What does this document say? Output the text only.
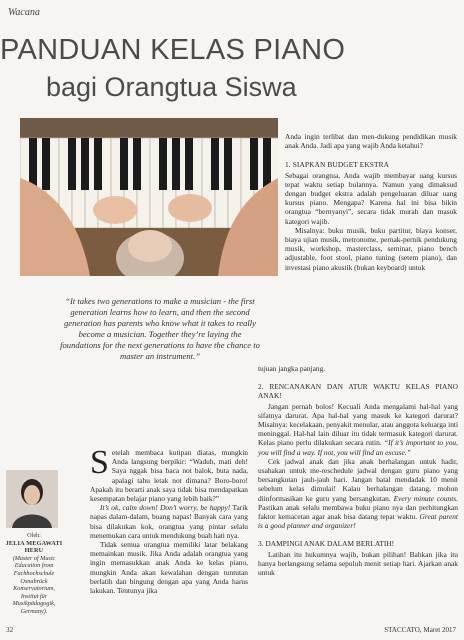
Wacana
PANDUAN KELAS PIANO
bagi Orangtua Siswa

Anda ingin terlibat dan men-dukung pendidikan musik anak Anda. Jadi apa yang wajib Anda ketahui?

1. SIAPKAN BUDGET EKSTRA

Sebagai orangtua, Anda wajib membayar uang kursus tepat waktu setiap bulannya. Namun yang dimaksud dengan budget ekstra adalah pengeluaran diluar uang kursus piano. Mengapa? Karena hal ini bisa bikin orangtua “bernyanyi”, secara tidak murah dan masuk kategori wajib.

Misalnya: buku musik, buku partitur, biaya konser, biaya ujian musik, metronome, pernak-pernik pendukung musik, workshop, masterclass, seminar, piano bench adjustable, foot stool, piano tuning (setem piano), dan investasi piano akustik (bukan keyboard) untuk

tujuan jangka panjang.

2. RENCANAKAN DAN ATUR WAKTU KELAS PIANO ANAK!

Jangan pernah bolos! Kecuali Anda mengalami hal-hal yang sifatnya darurat. Apa hal-hal yang masuk ke kategori darurat? Misalnya: kecelakaan, penyakit menular, atau anggota keluarga inti meninggal. Hal-hal lain diluar itu tidak termasuk kategori darurat. Kelas piano perlu dilakukan secara rutin. “If it’s important to you, you will find a way. If not, you will find an excuse.”

Cek jadwal anak dan jika anak berhalangan untuk hadir, usahakan untuk me-reschedule jadwal dengan guru piano yang bersangkutan jauh-jauh hari. Jangan batal mendadak 10 menit sebelum kelas dimulai! Kalau berhalangan datang, mohon diinformasikan ke guru yang bersangkutan. Every minute counts. Pastikan anak selalu membawa buku piano nya dan perhitungkan faktor kemacetan agar anak bisa datang tepat waktu. Great parent is a good planner and organizer!

3. DAMPINGI ANAK DALAM BERLATIH!

Latihan itu hukumnya wajib, bukan pilihan! Bahkan jika itu hanya berlangsung selama sepuluh menit setiap hari. Ajarkan anak untuk

“It takes two generations to make a musician - the first generation learns how to learn, and then the second generation has parents who know what it takes to really become a musician. Together they’re laying the foundations for the next generations to have the chance to master an instrument.”
Oleh:
JELIA MEGAWATI HERU
(Master of Music Education from Fachhochschule Osnabrück Konservatorium, Institut für Musikpädagogik, Germany).

Setelah membaca kutipan diatas, mungkin Anda langsung berpikir: “Waduh, mati deh! Saya nggak bisa baca not balok, buta nada, apalagi tahu letak not dimana? Boro-boro! Apakah itu berarti anak saya tidak bisa mendapatkan kesempatan belajar piano yang lebih baik?”

It’s ok, calm down! Don’t worry, be happy! Tarik napas dalam-dalam, buang napas! Banyak cara yang bisa dilakukan kok, orangtua yang pintar selalu menemukan cara untuk mendukung buah hati nya.

Tidak semua orangtua memiliki latar belakang memainkan musik. Jika Anda adalah orangtua yang ingin memasukkan anak Anda ke kelas piano, mungkin Anda akan kewalahan dengan tuntutan berlatih dan bingung dengan apa yang Anda harus lakukan. Tentunya jika

32	STACCATO, Maret 2017
